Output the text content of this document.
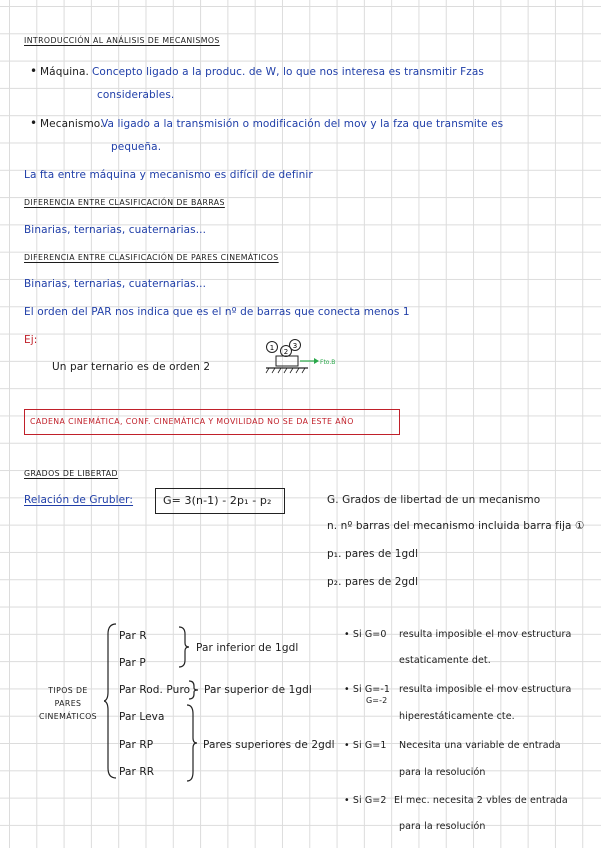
INTRODUCCIÓN AL ANÁLISIS DE MECANISMOS
• Máquina. Concepto ligado a la produc. de W, lo que nos interesa es transmitir Fzas
considerables.
• Mecanismo.
Va ligado a la transmisión o modificación del mov y la fza que transmite es
pequeña.
La fta entre máquina y mecanismo es difícil de definir
DIFERENCIA ENTRE CLASIFICACIÓN DE BARRAS
Binarias, ternarias, cuaternarias...
DIFERENCIA ENTRE CLASIFICACIÓN DE PARES CINEMÁTICOS
Binarias, ternarias, cuaternarias...
El orden del PAR nos indica que es el nº de barras que conecta menos 1
Ej:
Un par ternario es de orden 2
1 2
3
Fto.B
CADENA CINEMÁTICA, CONF. CINEMÁTICA Y MOVILIDAD NO SE DA ESTE AÑO
GRADOS DE LIBERTAD
Relación de Grubler:	G= 3(n-1) - 2p₁ - p₂	G. Grados de libertad de un mecanismo
n. nº barras del mecanismo incluida barra fija ①
p₁. pares de 1gdl
p₂. pares de 2gdl
TIPOS DE
PARES
CINEMÁTICOS
Par R
Par P
Par Rod. Puro
Par Leva
Par RP
Par RR
Par inferior de 1gdl
Par superior de 1gdl
Pares superiores de 2gdl
• Si G=0 resulta imposible el mov estructura
estaticamente det.
• Si G=-1
G=-2
resulta imposible el mov estructura
hiperestáticamente cte.
• Si G=1 Necesita una variable de entrada
para la resolución
• Si G=2 El mec. necesita 2 vbles de entrada
para la resolución
